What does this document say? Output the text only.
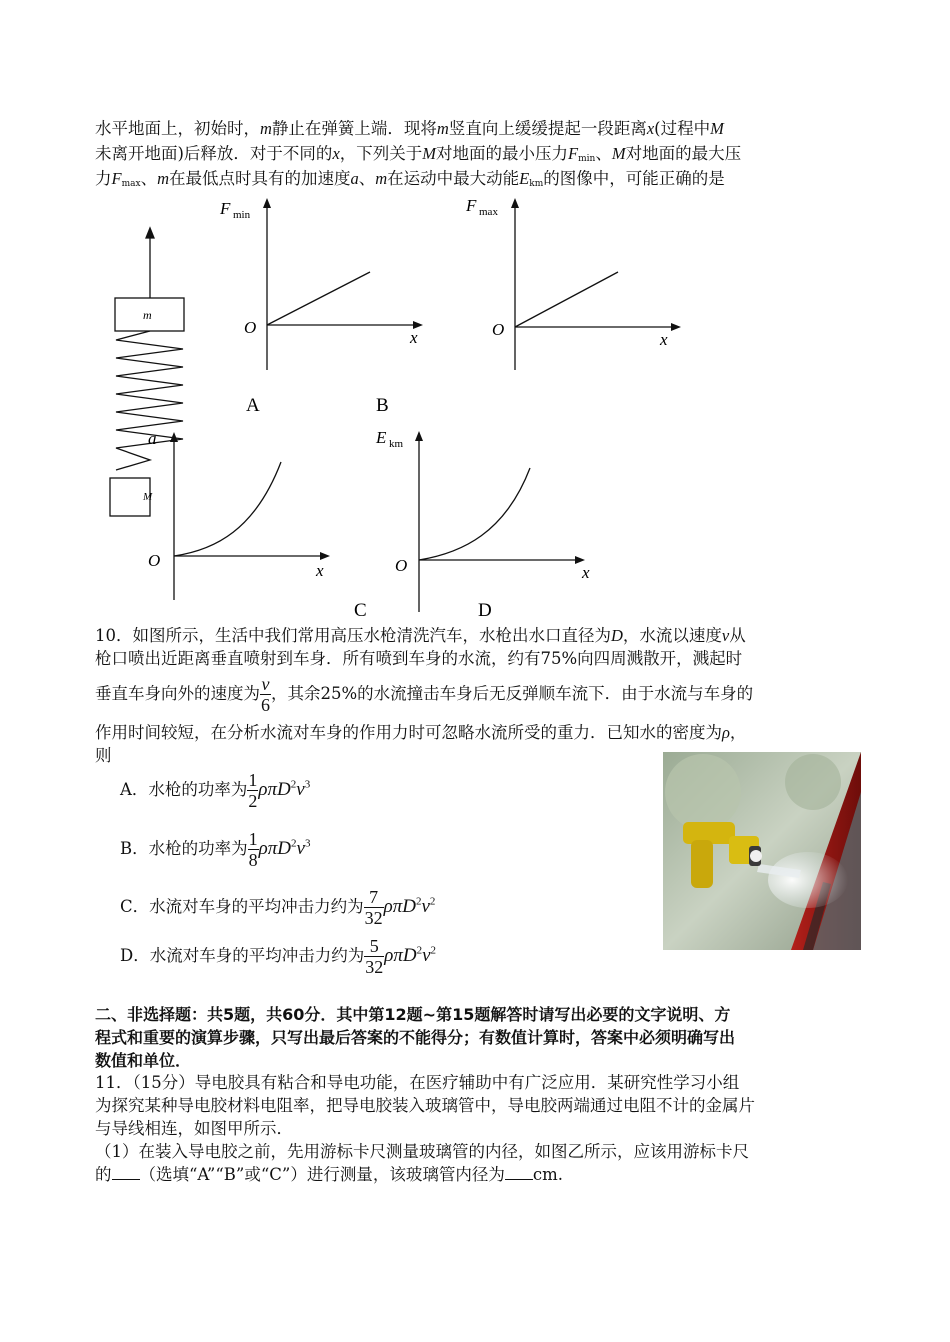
水平地面上，初始时，m静止在弹簧上端．现将m竖直向上缓缓提起一段距离x(过程中M
未离开地面)后释放．对于不同的x，下列关于M对地面的最小压力$F_{min}$、M对地面的最大压
力$F_{max}$、m在最低点时具有的加速度a、m在运动中最大动能$E_{km}$的图像中，可能正确的是
m
M
F min
O
x
A
F max
O
x
B
a
O
x
C
E km
O	x
D
10．如图所示，生活中我们常用高压水枪清洗汽车，水枪出水口直径为D，水流以速度v从
枪口喷出近距离垂直喷射到车身．所有喷到车身的水流，约有75%向四周溅散开，溅起时
垂直车身向外的速度为 $\frac{v}{6}$ ，其余25%的水流撞击车身后无反弹顺车流下．由于水流与车身的
作用时间较短，在分析水流对车身的作用力时可忽略水流所受的重力．已知水的密度为ρ，
则
A．水枪的功率为 $\frac{1}{2} \rho\pi D^2v^3$
B．水枪的功率为 $\frac{1}{8} \rho\pi D^2v^3$
C．水流对车身的平均冲击力约为 $\frac{7}{32} \rho\pi D^2v^2$
D．水流对车身的平均冲击力约为 $\frac{5}{32} \rho\pi D^2v^2$
二、非选择题：共5题，共60分．其中第12题~第15题解答时请写出必要的文字说明、方
程式和重要的演算步骤，只写出最后答案的不能得分；有数值计算时，答案中必须明确写出
数值和单位．
11．（15分）导电胶具有粘合和导电功能，在医疗辅助中有广泛应用．某研究性学习小组
为探究某种导电胶材料电阻率，把导电胶装入玻璃管中，导电胶两端通过电阻不计的金属片
与导线相连，如图甲所示．
（1）在装入导电胶之前，先用游标卡尺测量玻璃管的内径，如图乙所示，应该用游标卡尺
的 （选填“A”“B”或“C”）进行测量，该玻璃管内径为 cm.
